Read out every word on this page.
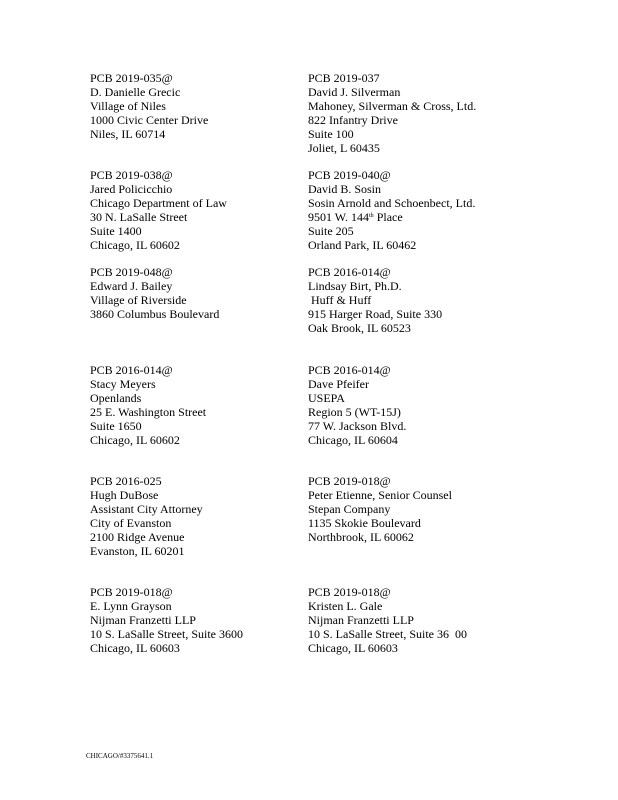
PCB 2019-035@
D. Danielle Grecic
Village of Niles
1000 Civic Center Drive
Niles, IL 60714
PCB 2019-037
David J. Silverman
Mahoney, Silverman & Cross, Ltd.
822 Infantry Drive
Suite 100
Joliet, L 60435
PCB 2019-038@
Jared Policicchio
Chicago Department of Law
30 N. LaSalle Street
Suite 1400
Chicago, IL 60602
PCB 2019-040@
David B. Sosin
Sosin Arnold and Schoenbect, Ltd.
9501 W. 144th Place
Suite 205
Orland Park, IL 60462
PCB 2019-048@
Edward J. Bailey
Village of Riverside
3860 Columbus Boulevard
PCB 2016-014@
Lindsay Birt, Ph.D.
Huff & Huff
915 Harger Road, Suite 330
Oak Brook, IL 60523
PCB 2016-014@
Stacy Meyers
Openlands
25 E. Washington Street
Suite 1650
Chicago, IL 60602
PCB 2016-014@
Dave Pfeifer
USEPA
Region 5 (WT-15J)
77 W. Jackson Blvd.
Chicago, IL 60604
PCB 2016-025
Hugh DuBose
Assistant City Attorney
City of Evanston
2100 Ridge Avenue
Evanston, IL 60201
PCB 2019-018@
Peter Etienne, Senior Counsel
Stepan Company
1135 Skokie Boulevard
Northbrook, IL 60062
PCB 2019-018@
E. Lynn Grayson
Nijman Franzetti LLP
10 S. LaSalle Street, Suite 3600
Chicago, IL 60603
PCB 2019-018@
Kristen L. Gale
Nijman Franzetti LLP
10 S. LaSalle Street, Suite 36  00
Chicago, IL 60603
CHICAGO/#3375641.1
